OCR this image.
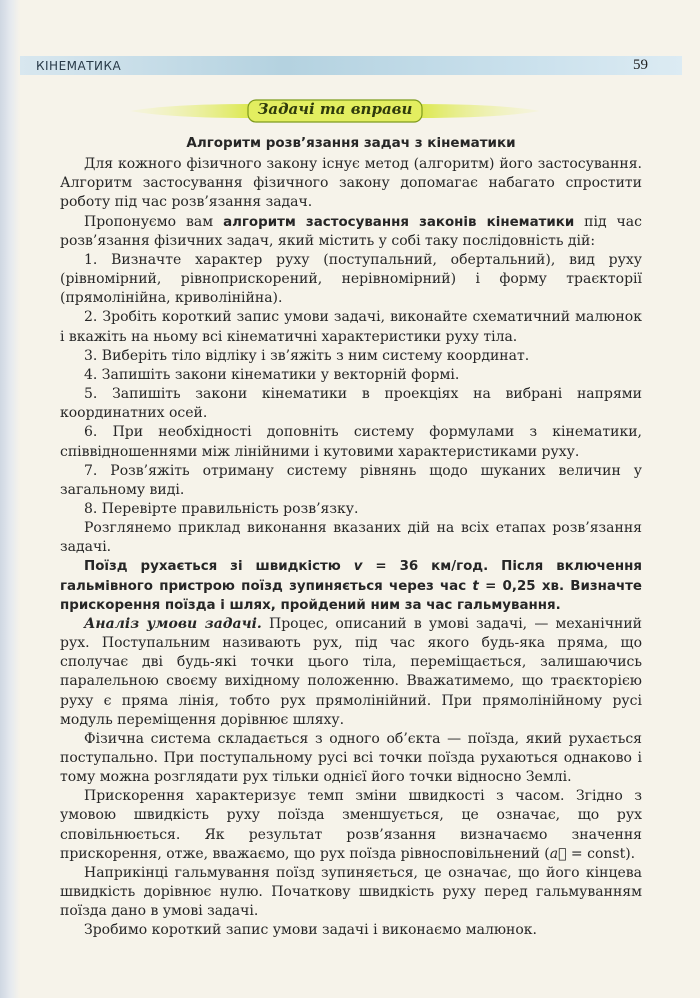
КІНЕМАТИКА	59
Задачі та вправи

Алгоритм розв’язання задач з кінематики

Для кожного фізичного закону існує метод (алгоритм) його застосування. Алгоритм застосування фізичного закону допомагає набагато спростити роботу під час розв’язання задач.

Пропонуємо вам алгоритм застосування законів кінематики під час розв’язання фізичних задач, який містить у собі таку послідовність дій:

1. Визначте характер руху (поступальний, обертальний), вид руху (рівномірний, рівноприскорений, нерівномірний) і форму траєкторії (прямолінійна, криволінійна).

2. Зробіть короткий запис умови задачі, виконайте схематичний малюнок і вкажіть на ньому всі кінематичні характеристики руху тіла.

3. Виберіть тіло відліку і зв’яжіть з ним систему координат.

4. Запишіть закони кінематики у векторній формі.

5. Запишіть закони кінематики в проекціях на вибрані напрями координатних осей.

6. При необхідності доповніть систему формулами з кінематики, співвідношеннями між лінійними і кутовими характеристиками руху.

7. Розв’яжіть отриману систему рівнянь щодо шуканих величин у загальному виді.

8. Перевірте правильність розв’язку.

Розглянемо приклад виконання вказаних дій на всіх етапах розв’язання задачі.

Поїзд рухається зі швидкістю v = 36 км/год. Після включення гальмівного пристрою поїзд зупиняється через час t = 0,25 хв. Визначте прискорення поїзда і шлях, пройдений ним за час гальмування.

Аналіз умови задачі. Процес, описаний в умові задачі, — механічний рух. Поступальним називають рух, під час якого будь-яка пряма, що сполучає дві будь-які точки цього тіла, переміщається, залишаючись паралельною своєму вихідному положенню. Вважатимемо, що траєкторією руху є пряма лінія, тобто рух прямолінійний. При прямолінійному русі модуль переміщення дорівнює шляху.

Фізична система складається з одного об’єкта — поїзда, який рухається поступально. При поступальному русі всі точки поїзда рухаються однаково і тому можна розглядати рух тільки однієї його точки відносно Землі.

Прискорення характеризує темп зміни швидкості з часом. Згідно з умовою швидкість руху поїзда зменшується, це означає, що рух сповільнюється. Як результат розв’язання визначаємо значення прискорення, отже, вважаємо, що рух поїзда рівносповільнений (a⃗ = const).

Наприкінці гальмування поїзд зупиняється, це означає, що його кінцева швидкість дорівнює нулю. Початкову швидкість руху перед гальмуванням поїзда дано в умові задачі.

Зробимо короткий запис умови задачі і виконаємо малюнок.
